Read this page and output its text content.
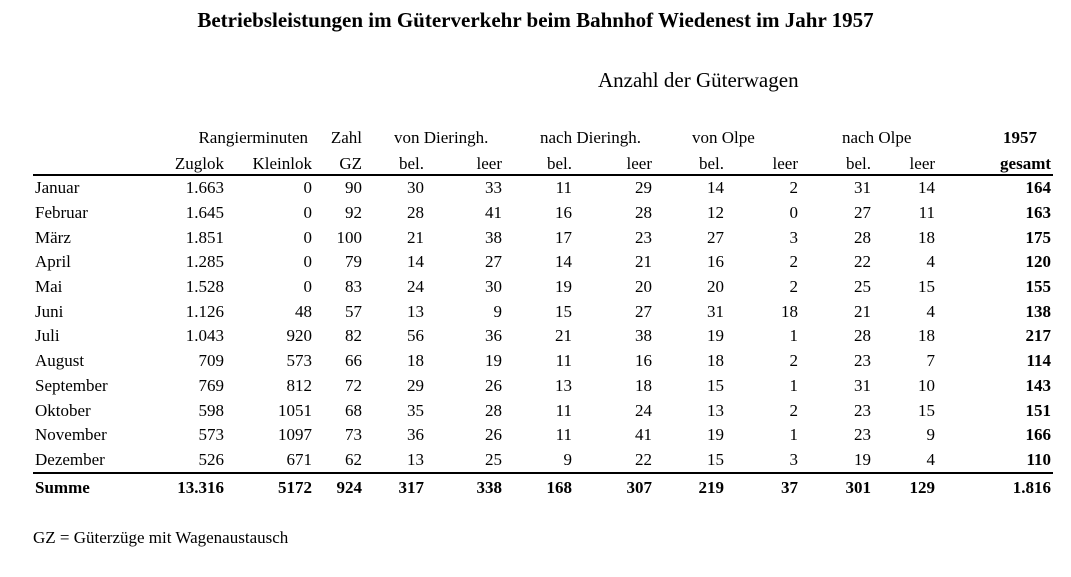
Betriebsleistungen im Güterverkehr beim Bahnhof Wiedenest im Jahr 1957
Anzahl der Güterwagen
	Rangierminuten		Zahl	von Dieringh.		nach Dieringh.		von Olpe		nach Olpe		1957
	Zuglok	Kleinlok	GZ	bel.	leer	bel.	leer	bel.	leer	bel.	leer	gesamt
Januar	1.663	0	90	30	33	11	29	14	2	31	14	164
Februar	1.645	0	92	28	41	16	28	12	0	27	11	163
März	1.851	0	100	21	38	17	23	27	3	28	18	175
April	1.285	0	79	14	27	14	21	16	2	22	4	120
Mai	1.528	0	83	24	30	19	20	20	2	25	15	155
Juni	1.126	48	57	13	9	15	27	31	18	21	4	138
Juli	1.043	920	82	56	36	21	38	19	1	28	18	217
August	709	573	66	18	19	11	16	18	2	23	7	114
September	769	812	72	29	26	13	18	15	1	31	10	143
Oktober	598	1051	68	35	28	11	24	13	2	23	15	151
November	573	1097	73	36	26	11	41	19	1	23	9	166
Dezember	526	671	62	13	25	9	22	15	3	19	4	110
Summe	13.316	5172	924	317	338	168	307	219	37	301	129	1.816
GZ = Güterzüge mit Wagenaustausch
